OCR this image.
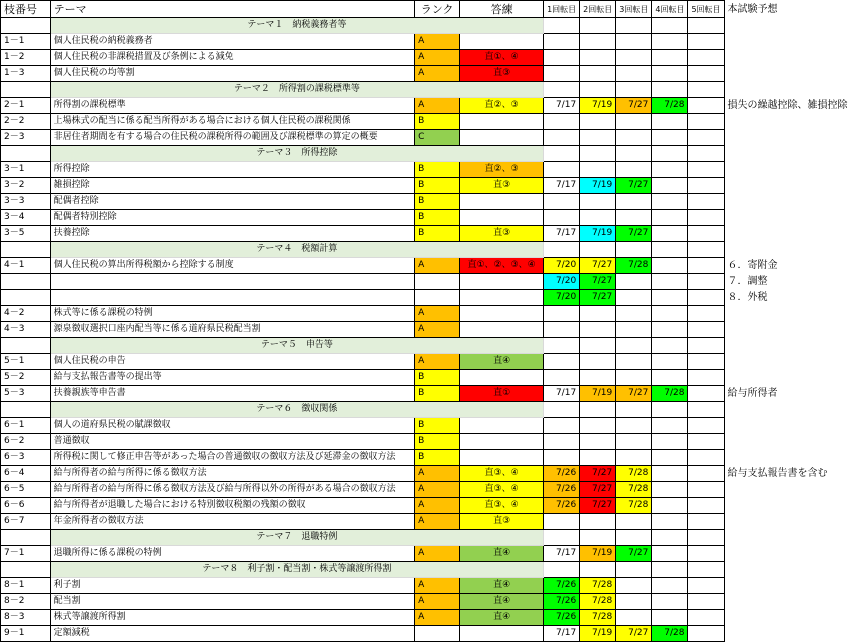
枝番号	テーマ	ランク	答練	1回転目	2回転目	3回転目	4回転目	5回転目	本試験予想
	テーマ１　納税義務者等								
1－1	個人住民税の納税義務者	A							
1－2	個人住民税の非課税措置及び条例による減免	A	直①、④						
1－3	個人住民税の均等割	A	直③						
	テーマ２　所得割の課税標準等								
2－1	所得割の課税標準	A	直②、③	7/17	7/19	7/27	7/28		損失の繰越控除、雑損控除
2－2	上場株式の配当に係る配当所得がある場合における個人住民税の課税関係	B							
2－3	非居住者期間を有する場合の住民税の課税所得の範囲及び課税標準の算定の概要	C							
	テーマ３　所得控除								
3－1	所得控除	B	直②、③						
3－2	雑損控除	B	直③	7/17	7/19	7/27			
3－3	配偶者控除	B							
3－4	配偶者特別控除	B							
3－5	扶養控除	B	直③	7/17	7/19	7/27			
	テーマ４　税額計算								
4－1	個人住民税の算出所得税額から控除する制度	A	直①、②、③、④	7/20	7/27	7/28			６．寄附金
				7/20	7/27				７．調整
				7/20	7/27				８．外税
4－2	株式等に係る課税の特例	A							
4－3	源泉徴収選択口座内配当等に係る道府県民税配当割	A							
	テーマ５　申告等								
5－1	個人住民税の申告	A	直④						
5－2	給与支払報告書等の提出等	B							
5－3	扶養親族等申告書	B	直①	7/17	7/19	7/27	7/28		給与所得者
	テーマ６　徴収関係								
6－1	個人の道府県民税の賦課徴収	B							
6－2	普通徴収	B							
6－3	所得税に関して修正申告等があった場合の普通徴収の徴収方法及び延滞金の徴収方法	B							
6－4	給与所得者の給与所得に係る徴収方法	A	直③、④	7/26	7/27	7/28			給与支払報告書を含む
6－5	給与所得者の給与所得に係る徴収方法及び給与所得以外の所得がある場合の徴収方法	A	直③、④	7/26	7/27	7/28			
6－6	給与所得者が退職した場合における特別徴収税額の残額の徴収	A	直③、④	7/26	7/27	7/28			
6－7	年金所得者の徴収方法	A	直③						
	テーマ７　退職特例								
7－1	退職所得に係る課税の特例	A	直④	7/17	7/19	7/27			
	テーマ８　利子割・配当割・株式等譲渡所得割								
8－1	利子割	A	直④	7/26	7/28				
8－2	配当割	A	直④	7/26	7/28				
8－3	株式等譲渡所得割	A	直④	7/26	7/28				
9－1	定額減税			7/17	7/19	7/27	7/28		
